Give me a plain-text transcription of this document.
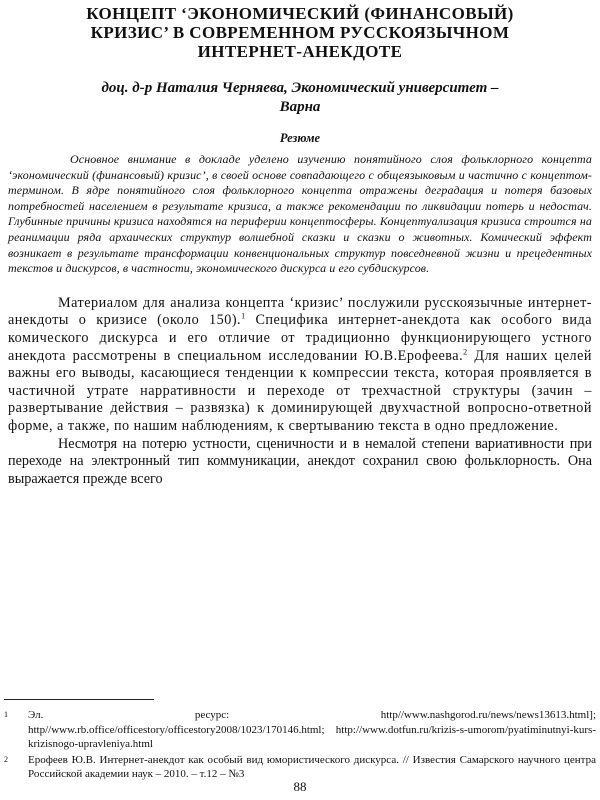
КОНЦЕПТ ‘ЭКОНОМИЧЕСКИЙ (ФИНАНСОВЫЙ)
КРИЗИС’ В СОВРЕМЕННОМ РУССКОЯЗЫЧНОМ
ИНТЕРНЕТ-АНЕКДОТЕ
доц. д-р Наталия Черняева, Экономический университет –
Варна
Резюме

Основное внимание в докладе уделено изучению понятийного слоя фольклорного концепта ‘экономический (финансовый) кризис’, в своей основе совпадающего с общеязыковым и частично с концептом-термином. В ядре понятийного слоя фольклорного концепта отражены деградация и потеря базовых потребностей населением в результате кризиса, а также рекомендации по ликвидации потерь и недостач. Глубинные причины кризиса находятся на периферии концептосферы. Концептуализация кризиса строится на реанимации ряда архаических структур волшебной сказки и сказки о животных. Комический эффект возникает в результате трансформации конвенциональных структур повседневной жизни и прецедентных текстов и дискурсов, в частности, экономического дискурса и его субдискурсов.

Материалом для анализа концепта ‘кризис’ послужили русскоязычные интернет-анекдоты о кризисе (около 150).$^1$ Специфика интернет-анекдота как особого вида комического дискурса и его отличие от традиционно функционирующего устного анекдота рассмотрены в специальном исследовании Ю.В.Ерофеева.$^2$ Для наших целей важны его выводы, касающиеся тенденции к компрессии текста, которая проявляется в частичной утрате нарративности и переходе от трехчастной структуры (зачин – развертывание действия – развязка) к доминирующей двухчастной вопросно-ответной форме, а также, по нашим наблюдениям, к свертыванию текста в одно предложение.

Несмотря на потерю устности, сценичности и в немалой степени вариативности при переходе на электронный тип коммуникации, анекдот сохранил свою фольклорность. Она выражается прежде всего

1	Эл. ресурс: http//www.nashgorod.ru/news/news13613.html]; http//www.rb.office/officestory/officestory2008/1023/170146.html; http://www.dotfun.ru/krizis-s-umorom/pyatiminutnyi-kurs-krizisnogo-upravleniya.html
2	Ерофеев Ю.В. Интернет-анекдот как особый вид юмористического дискурса. // Известия Самарского научного центра Российской академии наук – 2010. – т.12 – №3
88
